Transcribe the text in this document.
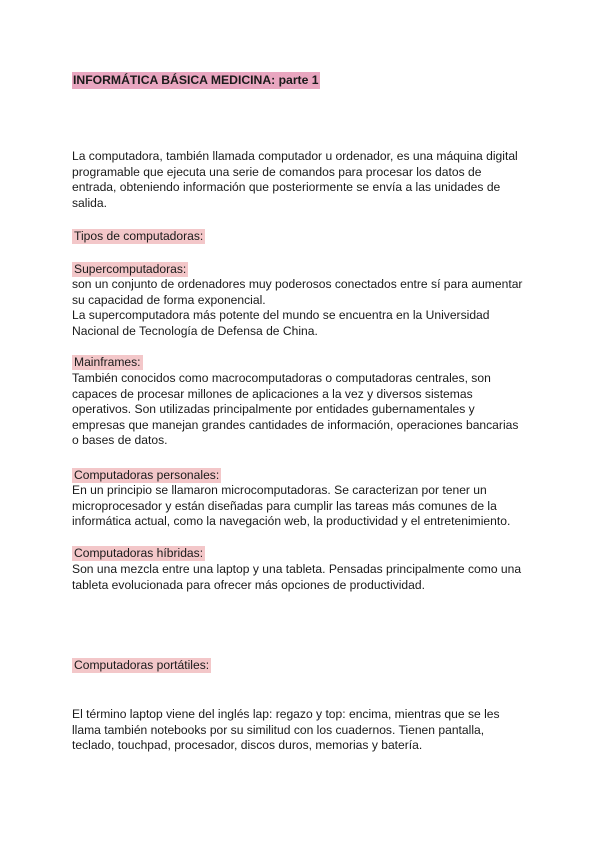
INFORMÁTICA BÁSICA MEDICINA: parte 1

La computadora, también llamada computador u ordenador, es una máquina digital
programable que ejecuta una serie de comandos para procesar los datos de
entrada, obteniendo información que posteriormente se envía a las unidades de
salida.

Tipos de computadoras:
Supercomputadoras:

son un conjunto de ordenadores muy poderosos conectados entre sí para aumentar
su capacidad de forma exponencial.
La supercomputadora más potente del mundo se encuentra en la Universidad
Nacional de Tecnología de Defensa de China.

Mainframes:

También conocidos como macrocomputadoras o computadoras centrales, son
capaces de procesar millones de aplicaciones a la vez y diversos sistemas
operativos. Son utilizadas principalmente por entidades gubernamentales y
empresas que manejan grandes cantidades de información, operaciones bancarias
o bases de datos.

Computadoras personales:

En un principio se llamaron microcomputadoras. Se caracterizan por tener un
microprocesador y están diseñadas para cumplir las tareas más comunes de la
informática actual, como la navegación web, la productividad y el entretenimiento.

Computadoras híbridas:

Son una mezcla entre una laptop y una tableta. Pensadas principalmente como una
tableta evolucionada para ofrecer más opciones de productividad.

Computadoras portátiles:

El término laptop viene del inglés lap: regazo y top: encima, mientras que se les
llama también notebooks por su similitud con los cuadernos. Tienen pantalla,
teclado, touchpad, procesador, discos duros, memorias y batería.
